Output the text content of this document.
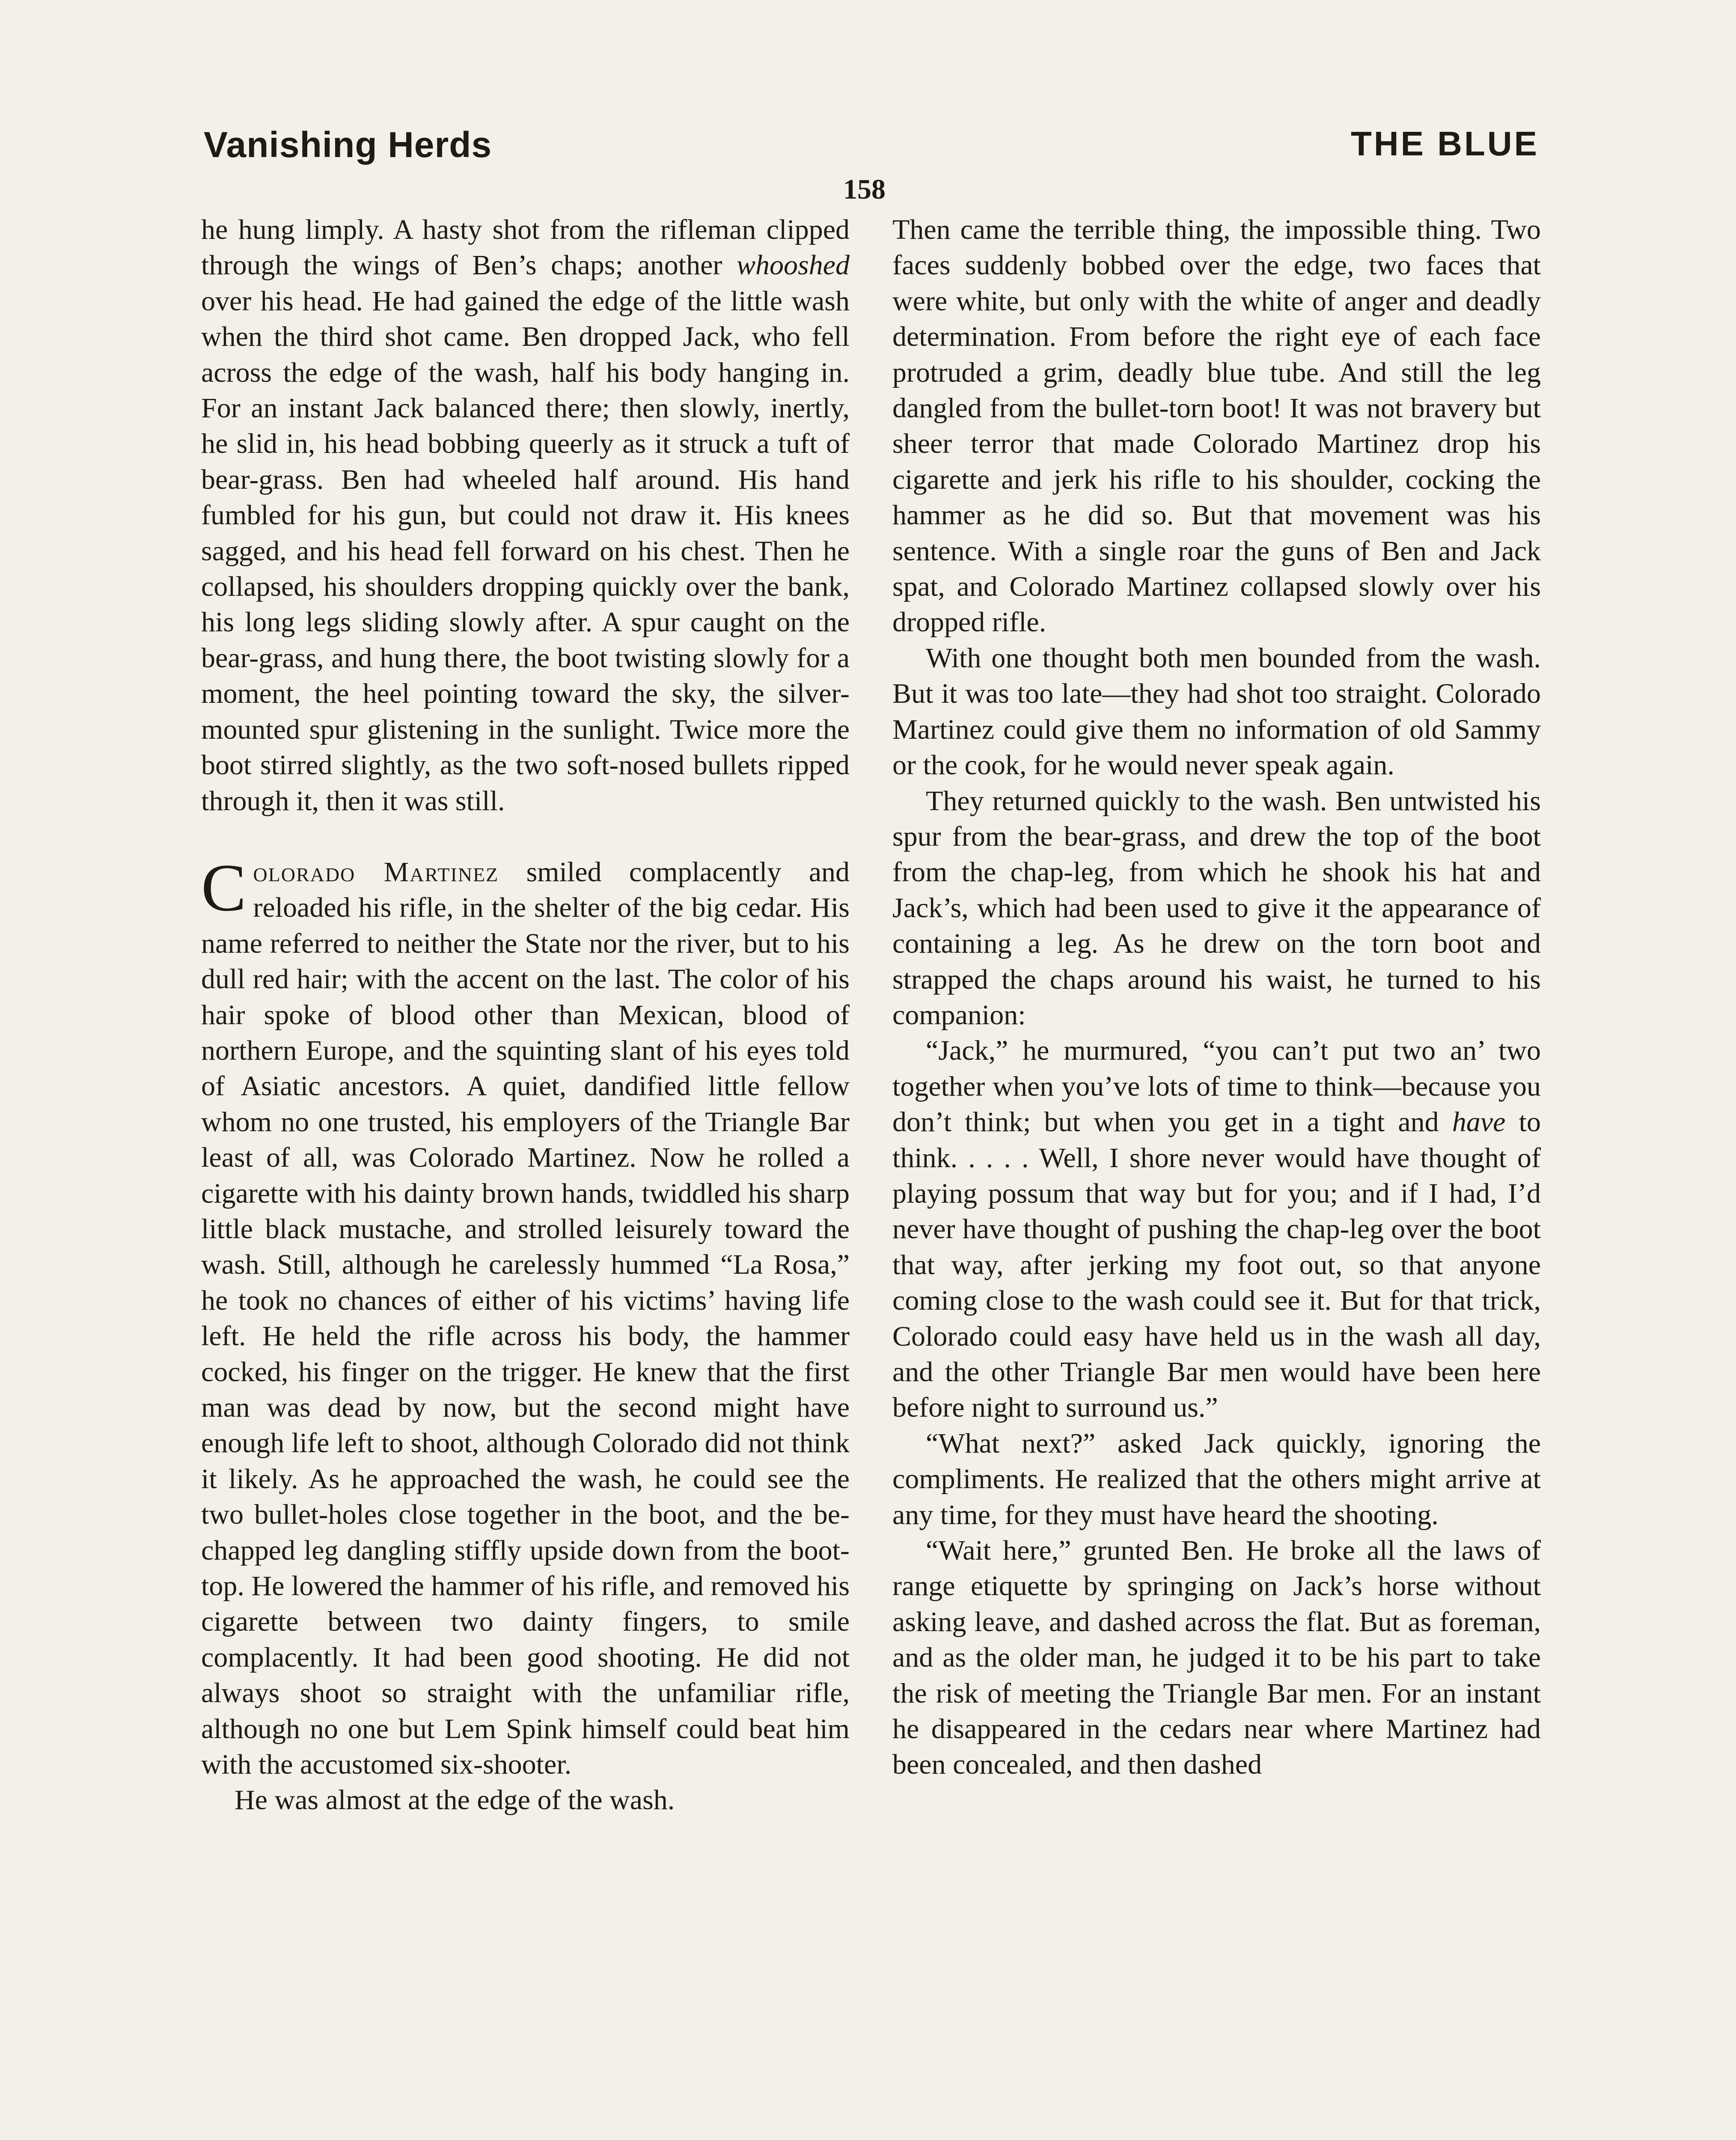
Vanishing Herds	THE BLUE
158

he hung limply. A hasty shot from the rifleman clipped through the wings of Ben’s chaps; another whooshed over his head. He had gained the edge of the little wash when the third shot came. Ben dropped Jack, who fell across the edge of the wash, half his body hanging in. For an instant Jack balanced there; then slowly, inertly, he slid in, his head bobbing queerly as it struck a tuft of bear-grass. Ben had wheeled half around. His hand fumbled for his gun, but could not draw it. His knees sagged, and his head fell forward on his chest. Then he collapsed, his shoulders dropping quickly over the bank, his long legs sliding slowly after. A spur caught on the bear-grass, and hung there, the boot twisting slowly for a moment, the heel pointing toward the sky, the silver-mounted spur glistening in the sunlight. Twice more the boot stirred slightly, as the two soft-nosed bullets ripped through it, then it was still.

Colorado Martinez smiled complacently and reloaded his rifle, in the shelter of the big cedar. His name referred to neither the State nor the river, but to his dull red hair; with the accent on the last. The color of his hair spoke of blood other than Mexican, blood of northern Europe, and the squinting slant of his eyes told of Asiatic ancestors. A quiet, dandified little fellow whom no one trusted, his employers of the Triangle Bar least of all, was Colorado Martinez. Now he rolled a cigarette with his dainty brown hands, twiddled his sharp little black mustache, and strolled leisurely toward the wash. Still, although he carelessly hummed “La Rosa,” he took no chances of either of his victims’ having life left. He held the rifle across his body, the hammer cocked, his finger on the trigger. He knew that the first man was dead by now, but the second might have enough life left to shoot, although Colorado did not think it likely. As he approached the wash, he could see the two bullet-holes close together in the boot, and the be-chapped leg dangling stiffly upside down from the boot-top. He lowered the hammer of his rifle, and removed his cigarette between two dainty fingers, to smile complacently. It had been good shooting. He did not always shoot so straight with the unfamiliar rifle, although no one but Lem Spink himself could beat him with the accustomed six-shooter.

He was almost at the edge of the wash.

Then came the terrible thing, the impossible thing. Two faces suddenly bobbed over the edge, two faces that were white, but only with the white of anger and deadly determination. From before the right eye of each face protruded a grim, deadly blue tube. And still the leg dangled from the bullet-torn boot! It was not bravery but sheer terror that made Colorado Martinez drop his cigarette and jerk his rifle to his shoulder, cocking the hammer as he did so. But that movement was his sentence. With a single roar the guns of Ben and Jack spat, and Colorado Martinez collapsed slowly over his dropped rifle.

With one thought both men bounded from the wash. But it was too late—they had shot too straight. Colorado Martinez could give them no information of old Sammy or the cook, for he would never speak again.

They returned quickly to the wash. Ben untwisted his spur from the bear-grass, and drew the top of the boot from the chap-leg, from which he shook his hat and Jack’s, which had been used to give it the appearance of containing a leg. As he drew on the torn boot and strapped the chaps around his waist, he turned to his companion:

“Jack,” he murmured, “you can’t put two an’ two together when you’ve lots of time to think—because you don’t think; but when you get in a tight and have to think. . . . . Well, I shore never would have thought of playing possum that way but for you; and if I had, I’d never have thought of pushing the chap-leg over the boot that way, after jerking my foot out, so that anyone coming close to the wash could see it. But for that trick, Colorado could easy have held us in the wash all day, and the other Triangle Bar men would have been here before night to surround us.”

“What next?” asked Jack quickly, ignoring the compliments. He realized that the others might arrive at any time, for they must have heard the shooting.

“Wait here,” grunted Ben. He broke all the laws of range etiquette by springing on Jack’s horse without asking leave, and dashed across the flat. But as foreman, and as the older man, he judged it to be his part to take the risk of meeting the Triangle Bar men. For an instant he disappeared in the cedars near where Martinez had been concealed, and then dashed
